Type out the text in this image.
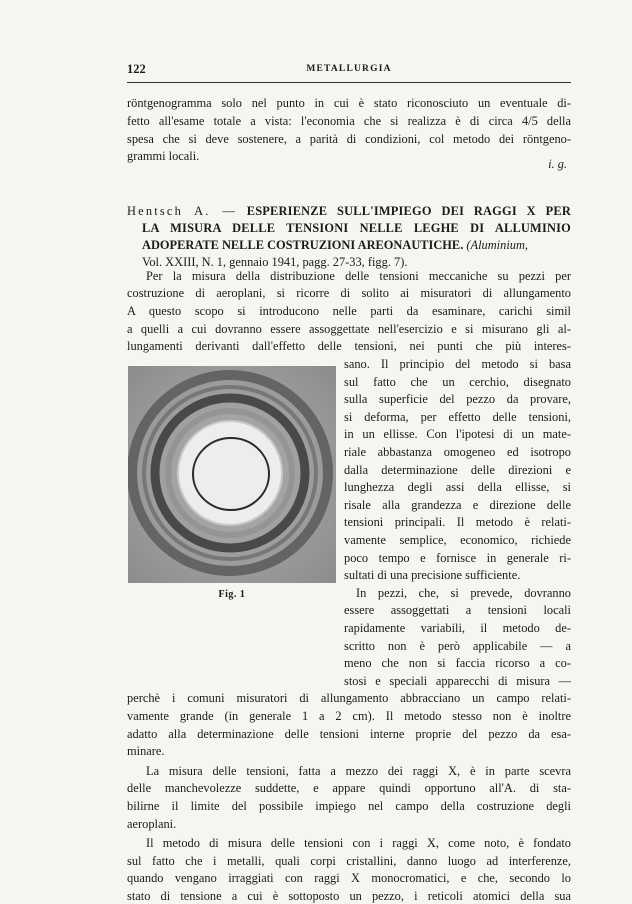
122	METALLURGIA
röntgenogramma solo nel punto in cui è stato riconosciuto un eventuale di-
fetto all'esame totale a vista: l'economia che si realizza è di circa 4/5 della
spesa che si deve sostenere, a parità di condizioni, col metodo dei röntgeno-
grammi locali.
i. g.
Hentsch A. — ESPERIENZE SULL'IMPIEGO DEI RAGGI X PER
LA MISURA DELLE TENSIONI NELLE LEGHE DI ALLUMINIO
ADOPERATE NELLE COSTRUZIONI AREONAUTICHE. (Aluminium,
Vol. XXIII, N. 1, gennaio 1941, pagg. 27-33, figg. 7).
Per la misura della distribuzione delle tensioni meccaniche su pezzi per
costruzione di aeroplani, si ricorre di solito ai misuratori di allungamento
A questo scopo si introducono nelle parti da esaminare, carichi simil
a quelli a cui dovranno essere assoggettate nell'esercizio e si misurano gli al-
lungamenti derivanti dall'effetto delle tensioni, nei punti che più interes-
Fig. 1
sano. Il principio del metodo si basa
sul fatto che un cerchio, disegnato
sulla superficie del pezzo da provare,
si deforma, per effetto delle tensioni,
in un ellisse. Con l'ipotesi di un mate-
riale abbastanza omogeneo ed isotropo
dalla determinazione delle direzioni e
lunghezza degli assi della ellisse, si
risale alla grandezza e direzione delle
tensioni principali. Il metodo è relati-
vamente semplice, economico, richiede
poco tempo e fornisce in generale ri-
sultati di una precisione sufficiente.
In pezzi, che, si prevede, dovranno
essere assoggettati a tensioni locali
rapidamente variabili, il metodo de-
scritto non è però applicabile — a
meno che non si faccia ricorso a co-
stosi e speciali apparecchi di misura —
perchè i comuni misuratori di allungamento abbracciano un campo relati-
vamente grande (in generale 1 a 2 cm). Il metodo stesso non è inoltre
adatto alla determinazione delle tensioni interne proprie del pezzo da esa-
minare.
La misura delle tensioni, fatta a mezzo dei raggi X, è in parte scevra
delle manchevolezze suddette, e appare quindi opportuno all'A. di sta-
bilirne il limite del possibile impiego nel campo della costruzione degli
aeroplani.
Il metodo di misura delle tensioni con i raggi X, come noto, è fondato
sul fatto che i metalli, quali corpi cristallini, danno luogo ad interferenze,
quando vengano irraggiati con raggi X monocromatici, e che, secondo lo
stato di tensione a cui è sottoposto un pezzo, i reticoli atomici della sua
